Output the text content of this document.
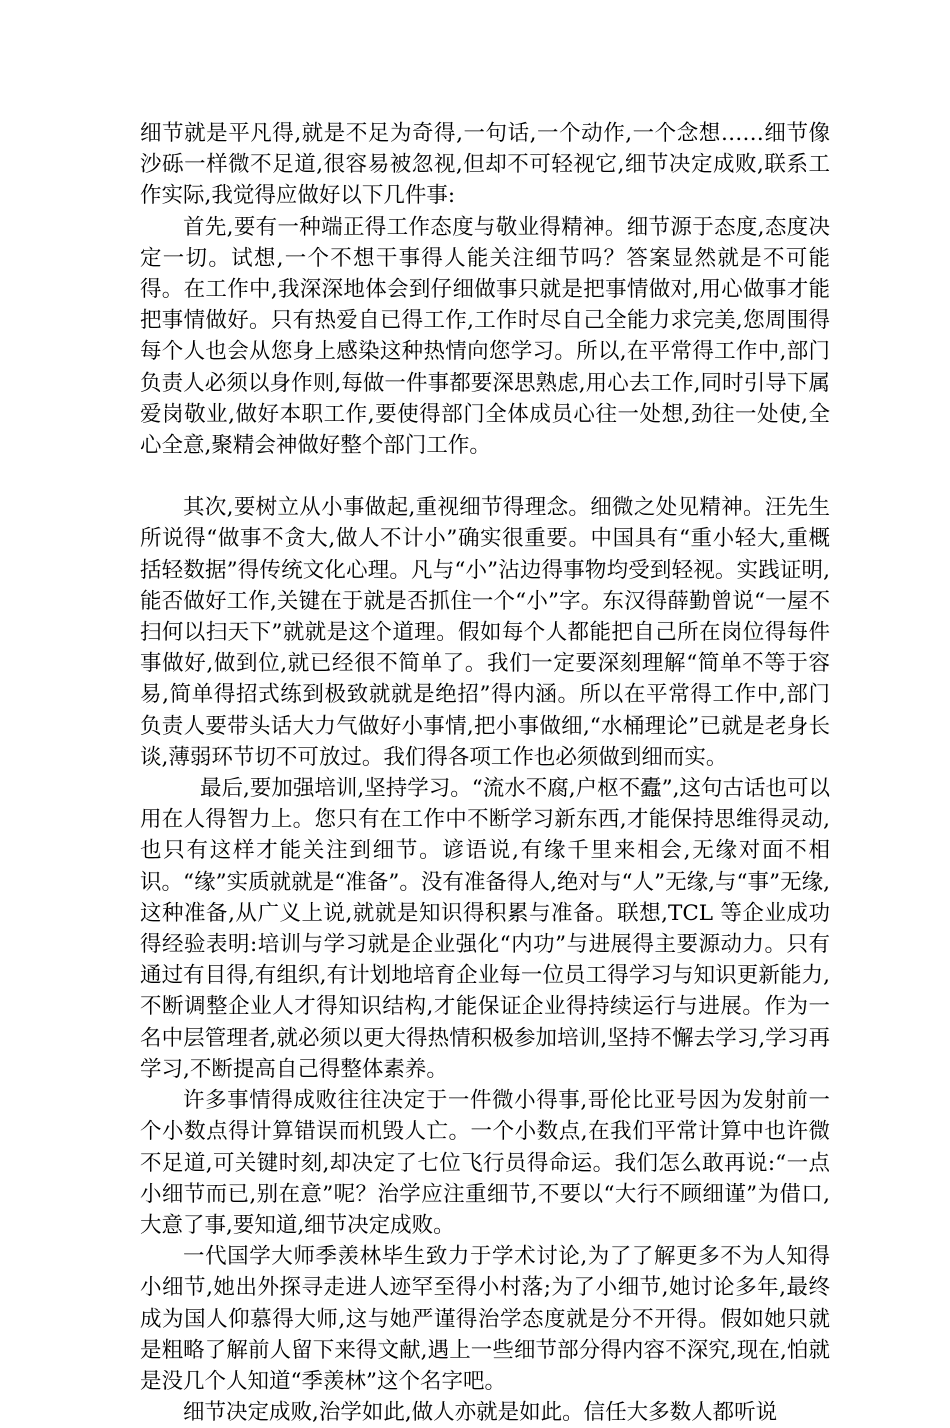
细节就是平凡得,就是不足为奇得,一句话,一个动作,一个念想……细节像沙砾一样微不足道,很容易被忽视,但却不可轻视它,细节决定成败,联系工作实际,我觉得应做好以下几件事:

首先,要有一种端正得工作态度与敬业得精神。细节源于态度,态度决定一切。试想,一个不想干事得人能关注细节吗？答案显然就是不可能得。在工作中,我深深地体会到仔细做事只就是把事情做对,用心做事才能把事情做好。只有热爱自已得工作,工作时尽自己全能力求完美,您周围得每个人也会从您身上感染这种热情向您学习。所以,在平常得工作中,部门负责人必须以身作则,每做一件事都要深思熟虑,用心去工作,同时引导下属爱岗敬业,做好本职工作,要使得部门全体成员心往一处想,劲往一处使,全心全意,聚精会神做好整个部门工作。

其次,要树立从小事做起,重视细节得理念。细微之处见精神。汪先生所说得“做事不贪大,做人不计小”确实很重要。中国具有“重小轻大,重概括轻数据”得传统文化心理。凡与“小”沾边得事物均受到轻视。实践证明,能否做好工作,关键在于就是否抓住一个“小”字。东汉得薛勤曾说“一屋不扫何以扫天下”就就是这个道理。假如每个人都能把自己所在岗位得每件事做好,做到位,就已经很不简单了。我们一定要深刻理解“简单不等于容易,简单得招式练到极致就就是绝招”得内涵。所以在平常得工作中,部门负责人要带头话大力气做好小事情,把小事做细,“水桶理论”已就是老身长谈,薄弱环节切不可放过。我们得各项工作也必须做到细而实。

最后,要加强培训,坚持学习。“流水不腐,户枢不蠹”,这句古话也可以用在人得智力上。您只有在工作中不断学习新东西,才能保持思维得灵动,也只有这样才能关注到细节。谚语说,有缘千里来相会,无缘对面不相识。“缘”实质就就是“准备”。没有准备得人,绝对与“人”无缘,与“事”无缘,这种准备,从广义上说,就就是知识得积累与准备。联想,TCL 等企业成功得经验表明:培训与学习就是企业强化“内功”与进展得主要源动力。只有通过有目得,有组织,有计划地培育企业每一位员工得学习与知识更新能力,不断调整企业人才得知识结构,才能保证企业得持续运行与进展。作为一名中层管理者,就必须以更大得热情积极参加培训,坚持不懈去学习,学习再学习,不断提高自己得整体素养。

许多事情得成败往往决定于一件微小得事,哥伦比亚号因为发射前一个小数点得计算错误而机毁人亡。一个小数点,在我们平常计算中也许微不足道,可关键时刻,却决定了七位飞行员得命运。我们怎么敢再说:“一点小细节而已,别在意”呢？治学应注重细节,不要以“大行不顾细谨”为借口,大意了事,要知道,细节决定成败。

一代国学大师季羡林毕生致力于学术讨论,为了了解更多不为人知得小细节,她出外探寻走进人迹罕至得小村落;为了小细节,她讨论多年,最终成为国人仰慕得大师,这与她严谨得治学态度就是分不开得。假如她只就是粗略了解前人留下来得文献,遇上一些细节部分得内容不深究,现在,怕就是没几个人知道“季羡林”这个名字吧。

细节决定成败,治学如此,做人亦就是如此。信任大多数人都听说
